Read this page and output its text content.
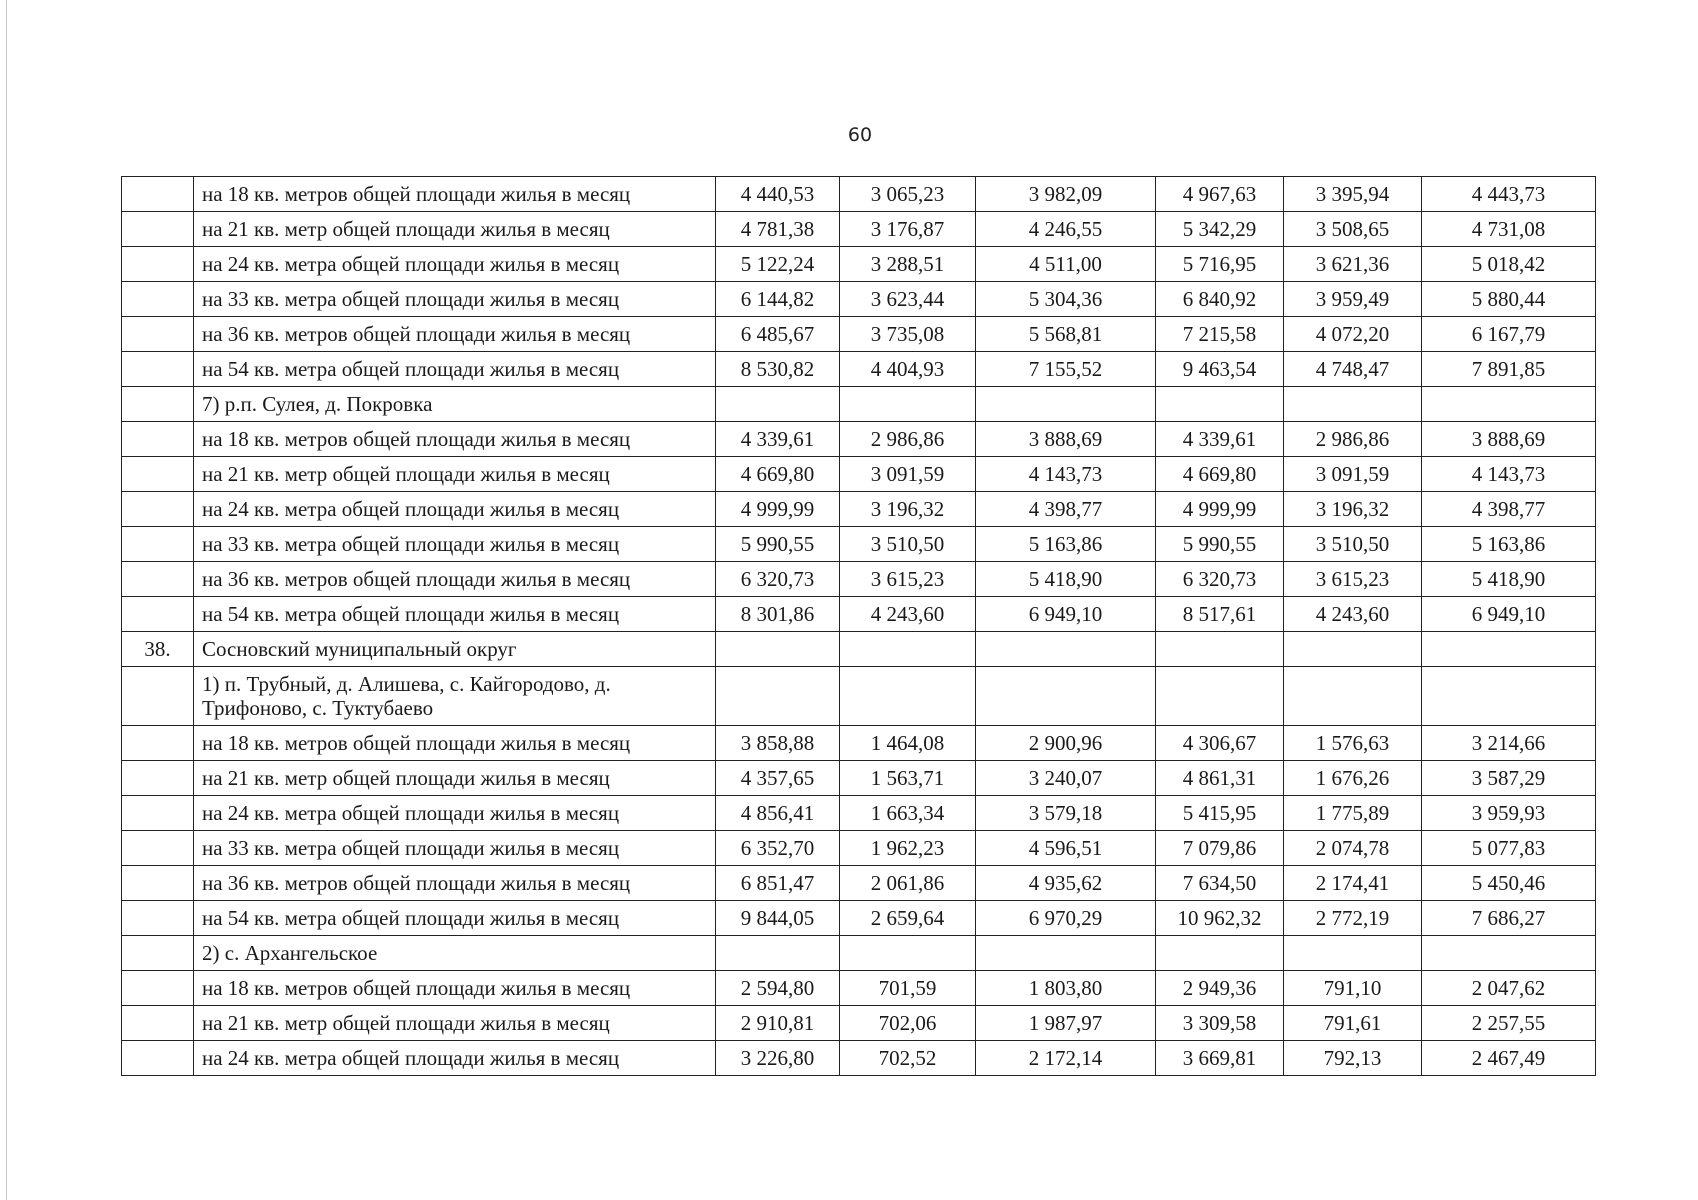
60
	на 18 кв. метров общей площади жилья в месяц	4 440,53	3 065,23	3 982,09	4 967,63	3 395,94	4 443,73
	на 21 кв. метр общей площади жилья в месяц	4 781,38	3 176,87	4 246,55	5 342,29	3 508,65	4 731,08
	на 24 кв. метра общей площади жилья в месяц	5 122,24	3 288,51	4 511,00	5 716,95	3 621,36	5 018,42
	на 33 кв. метра общей площади жилья в месяц	6 144,82	3 623,44	5 304,36	6 840,92	3 959,49	5 880,44
	на 36 кв. метров общей площади жилья в месяц	6 485,67	3 735,08	5 568,81	7 215,58	4 072,20	6 167,79
	на 54 кв. метра общей площади жилья в месяц	8 530,82	4 404,93	7 155,52	9 463,54	4 748,47	7 891,85
	7) р.п. Сулея, д. Покровка						
	на 18 кв. метров общей площади жилья в месяц	4 339,61	2 986,86	3 888,69	4 339,61	2 986,86	3 888,69
	на 21 кв. метр общей площади жилья в месяц	4 669,80	3 091,59	4 143,73	4 669,80	3 091,59	4 143,73
	на 24 кв. метра общей площади жилья в месяц	4 999,99	3 196,32	4 398,77	4 999,99	3 196,32	4 398,77
	на 33 кв. метра общей площади жилья в месяц	5 990,55	3 510,50	5 163,86	5 990,55	3 510,50	5 163,86
	на 36 кв. метров общей площади жилья в месяц	6 320,73	3 615,23	5 418,90	6 320,73	3 615,23	5 418,90
	на 54 кв. метра общей площади жилья в месяц	8 301,86	4 243,60	6 949,10	8 517,61	4 243,60	6 949,10
38.	Сосновский муниципальный округ						
	1) п. Трубный, д. Алишева, с. Кайгородово, д. Трифоново, с. Туктубаево						
	на 18 кв. метров общей площади жилья в месяц	3 858,88	1 464,08	2 900,96	4 306,67	1 576,63	3 214,66
	на 21 кв. метр общей площади жилья в месяц	4 357,65	1 563,71	3 240,07	4 861,31	1 676,26	3 587,29
	на 24 кв. метра общей площади жилья в месяц	4 856,41	1 663,34	3 579,18	5 415,95	1 775,89	3 959,93
	на 33 кв. метра общей площади жилья в месяц	6 352,70	1 962,23	4 596,51	7 079,86	2 074,78	5 077,83
	на 36 кв. метров общей площади жилья в месяц	6 851,47	2 061,86	4 935,62	7 634,50	2 174,41	5 450,46
	на 54 кв. метра общей площади жилья в месяц	9 844,05	2 659,64	6 970,29	10 962,32	2 772,19	7 686,27
	2) с. Архангельское						
	на 18 кв. метров общей площади жилья в месяц	2 594,80	701,59	1 803,80	2 949,36	791,10	2 047,62
	на 21 кв. метр общей площади жилья в месяц	2 910,81	702,06	1 987,97	3 309,58	791,61	2 257,55
	на 24 кв. метра общей площади жилья в месяц	3 226,80	702,52	2 172,14	3 669,81	792,13	2 467,49
